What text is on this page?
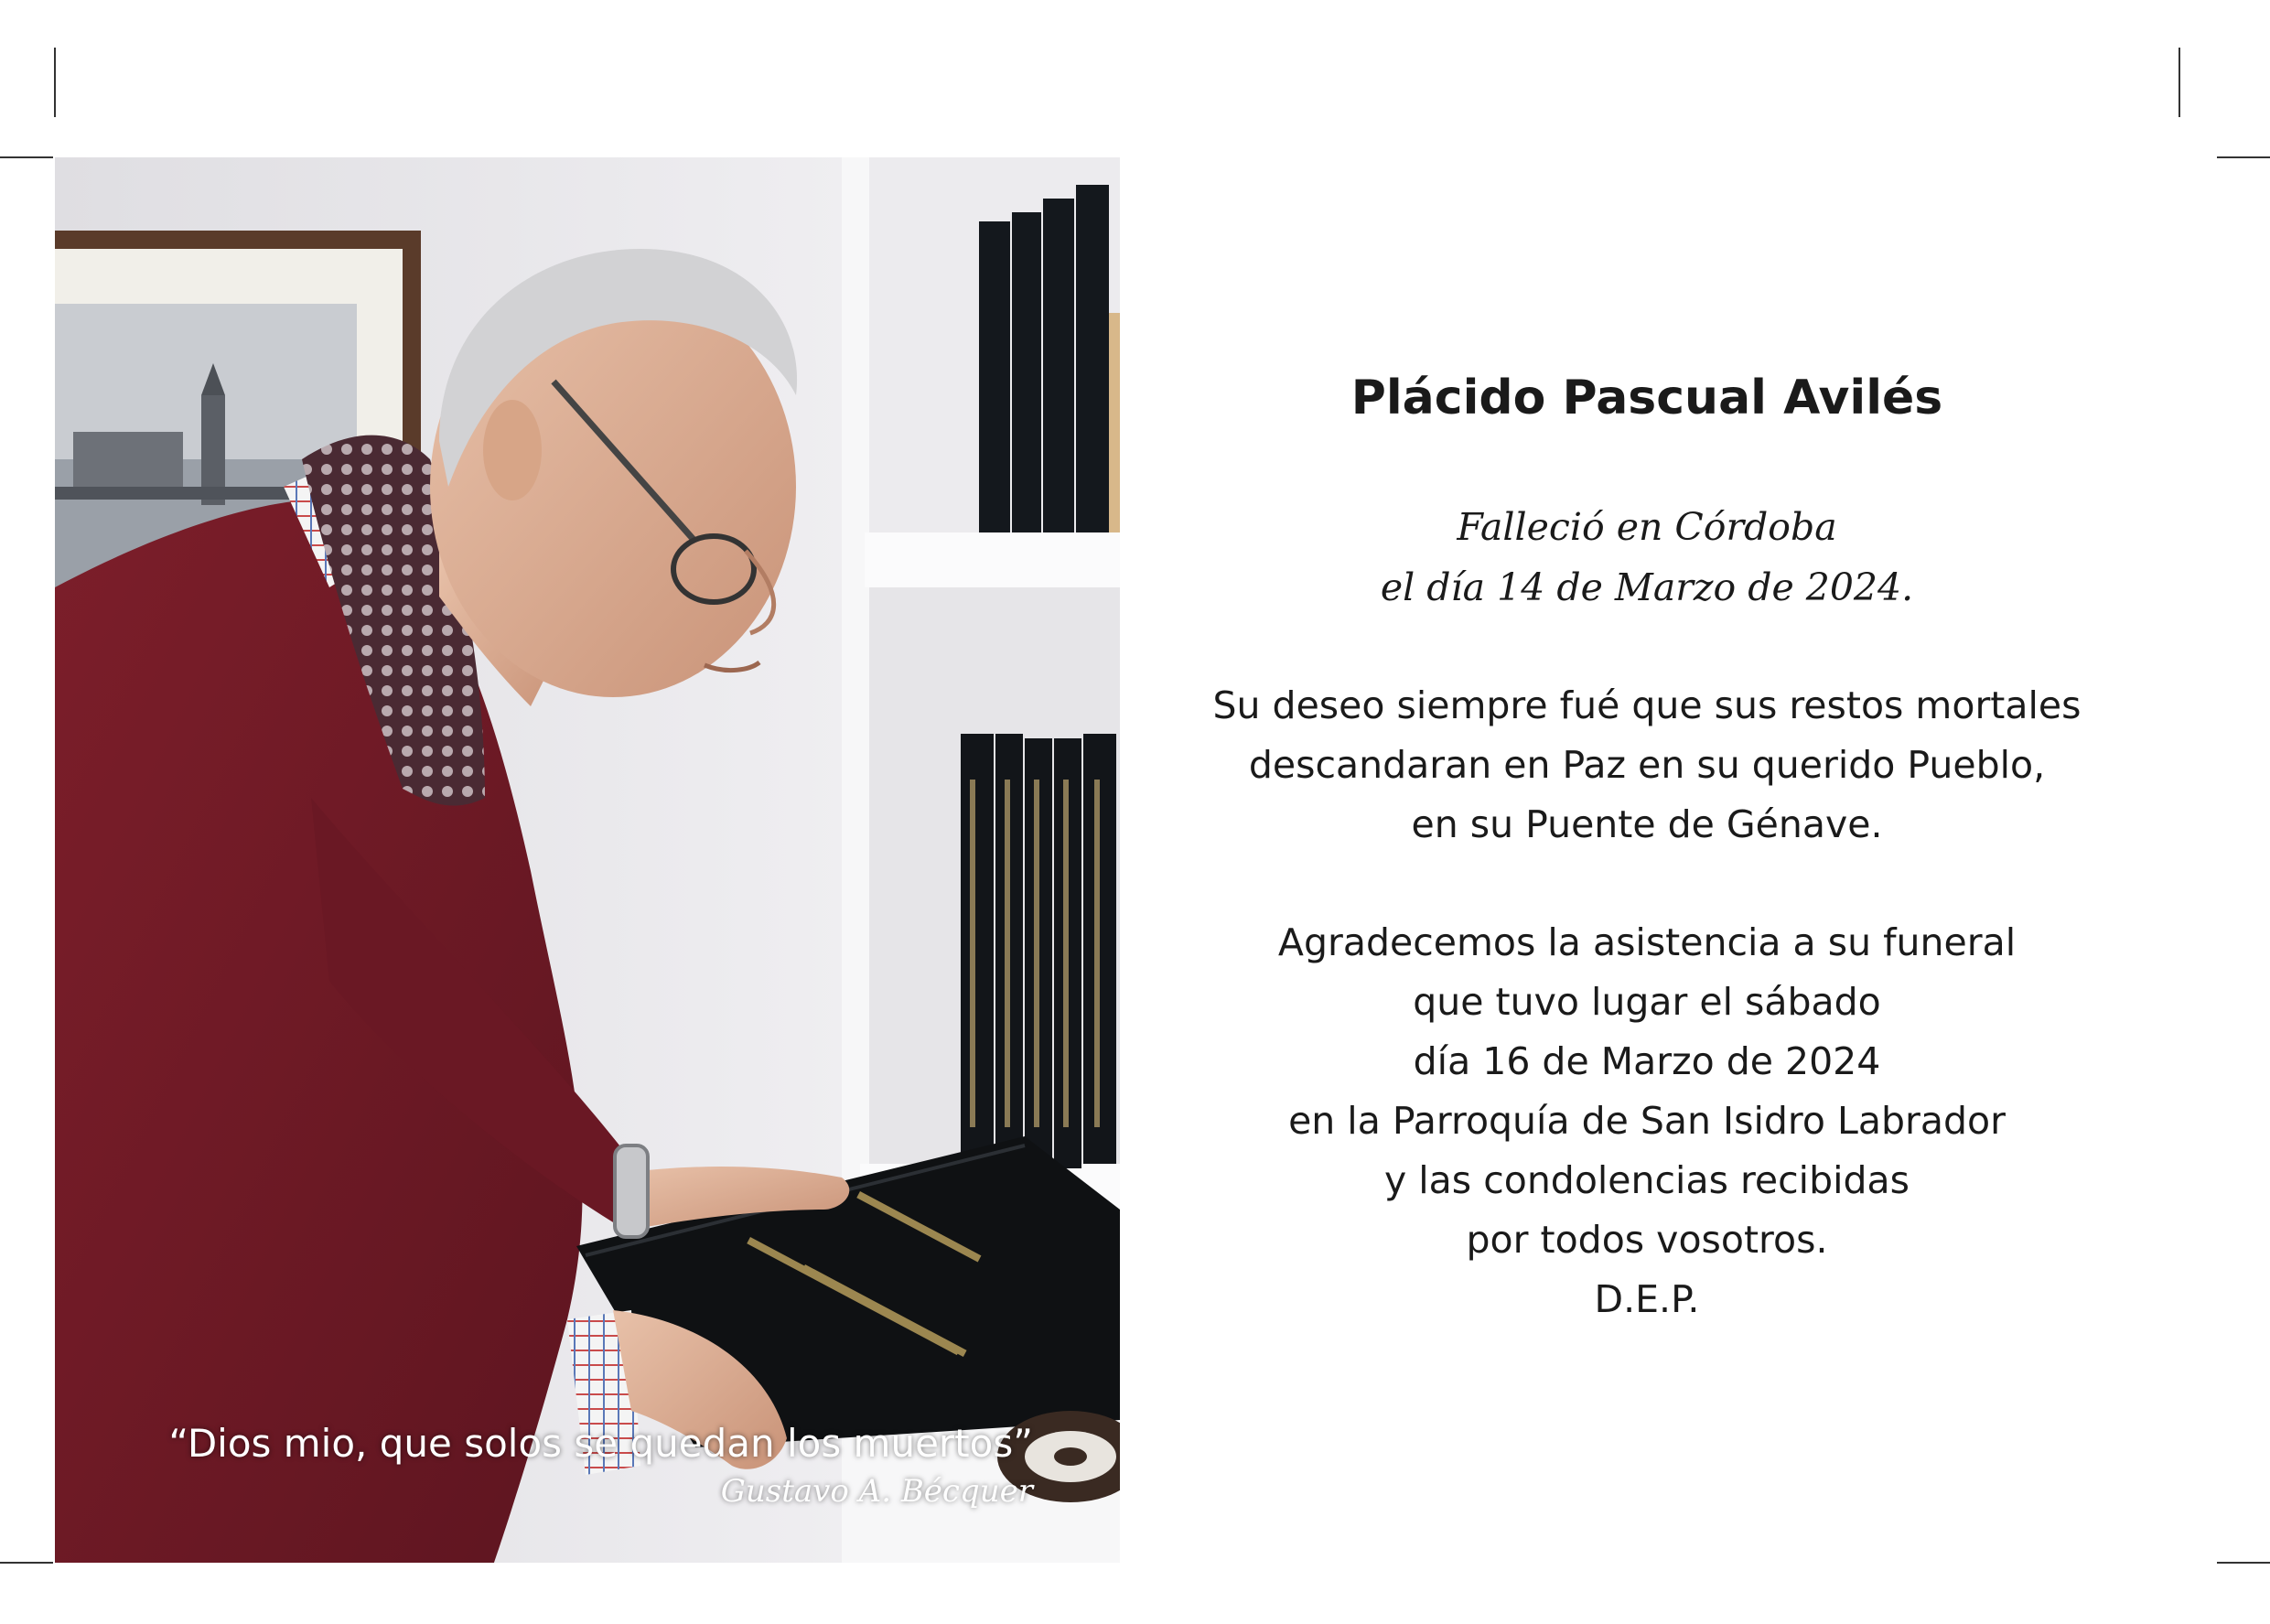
“Dios mio, que solos se quedan los muertos”
Gustavo A. Bécquer
Plácido Pascual Avilés
Falleció en Córdoba
el día 14 de Marzo de 2024.
Su deseo siempre fué que sus restos mortales
descandaran en Paz en su querido Pueblo,
en su Puente de Génave.
Agradecemos la asistencia a su funeral
que tuvo lugar el sábado
día 16 de Marzo de 2024
en la Parroquía de San Isidro Labrador
y las condolencias recibidas
por todos vosotros.
D.E.P.
